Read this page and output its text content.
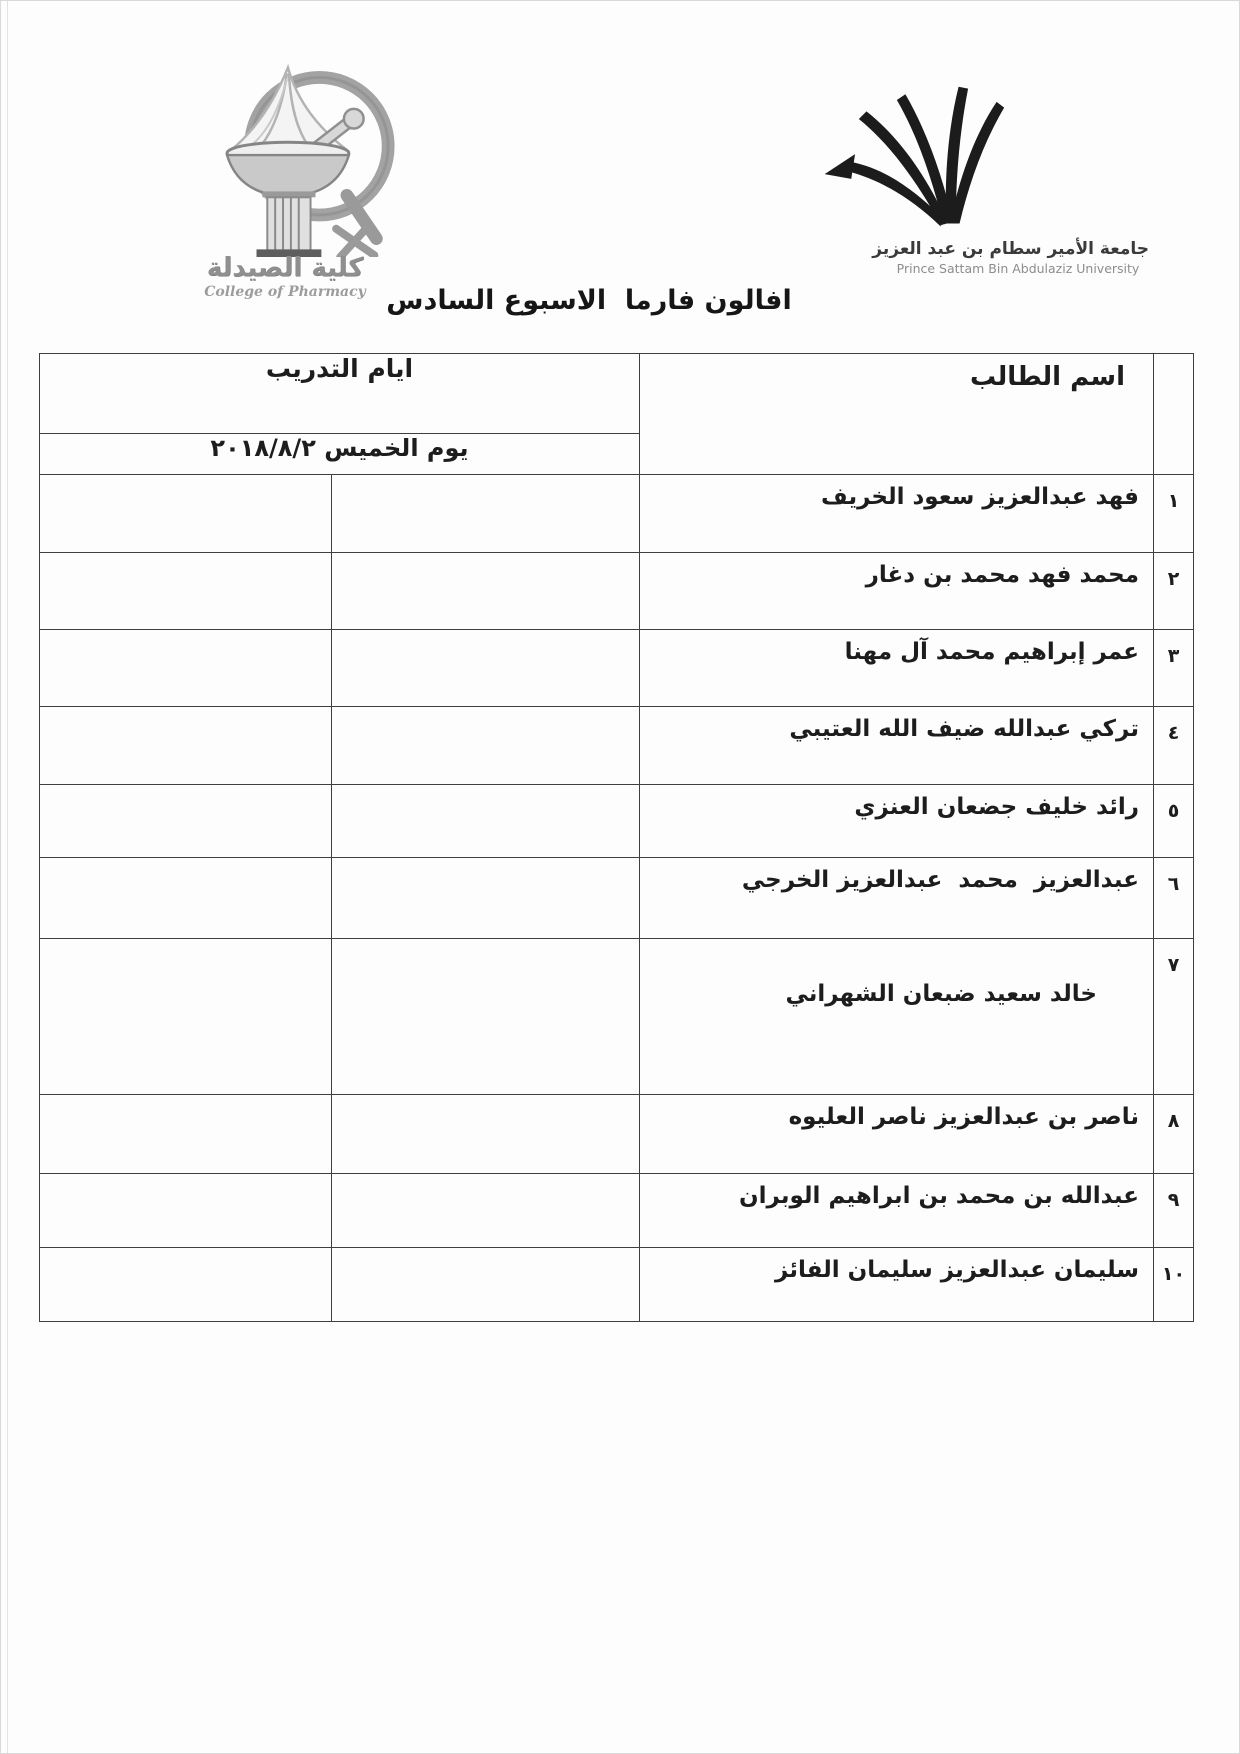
كلية الصيدلة
College of Pharmacy
جامعة الأمير سطام بن عبد العزيز
Prince Sattam Bin Abdulaziz University
افالون فارما  الاسبوع السادس
	اسم الطالب	ايام التدريب	
		يوم الخميس ٢٠١٨/٨/٢	
١	فهد عبدالعزيز سعود الخريف		
٢	محمد فهد محمد بن دغار		
٣	عمر إبراهيم محمد آل مهنا		
٤	تركي عبدالله ضيف الله العتيبي		
٥	رائد خليف جضعان العنزي		
٦	عبدالعزيز  محمد  عبدالعزيز الخرجي		
٧	خالد سعيد ضبعان الشهراني		
٨	ناصر بن عبدالعزيز ناصر العليوه		
٩	عبدالله بن محمد بن ابراهيم الوبران		
١٠	سليمان عبدالعزيز سليمان الفائز		
